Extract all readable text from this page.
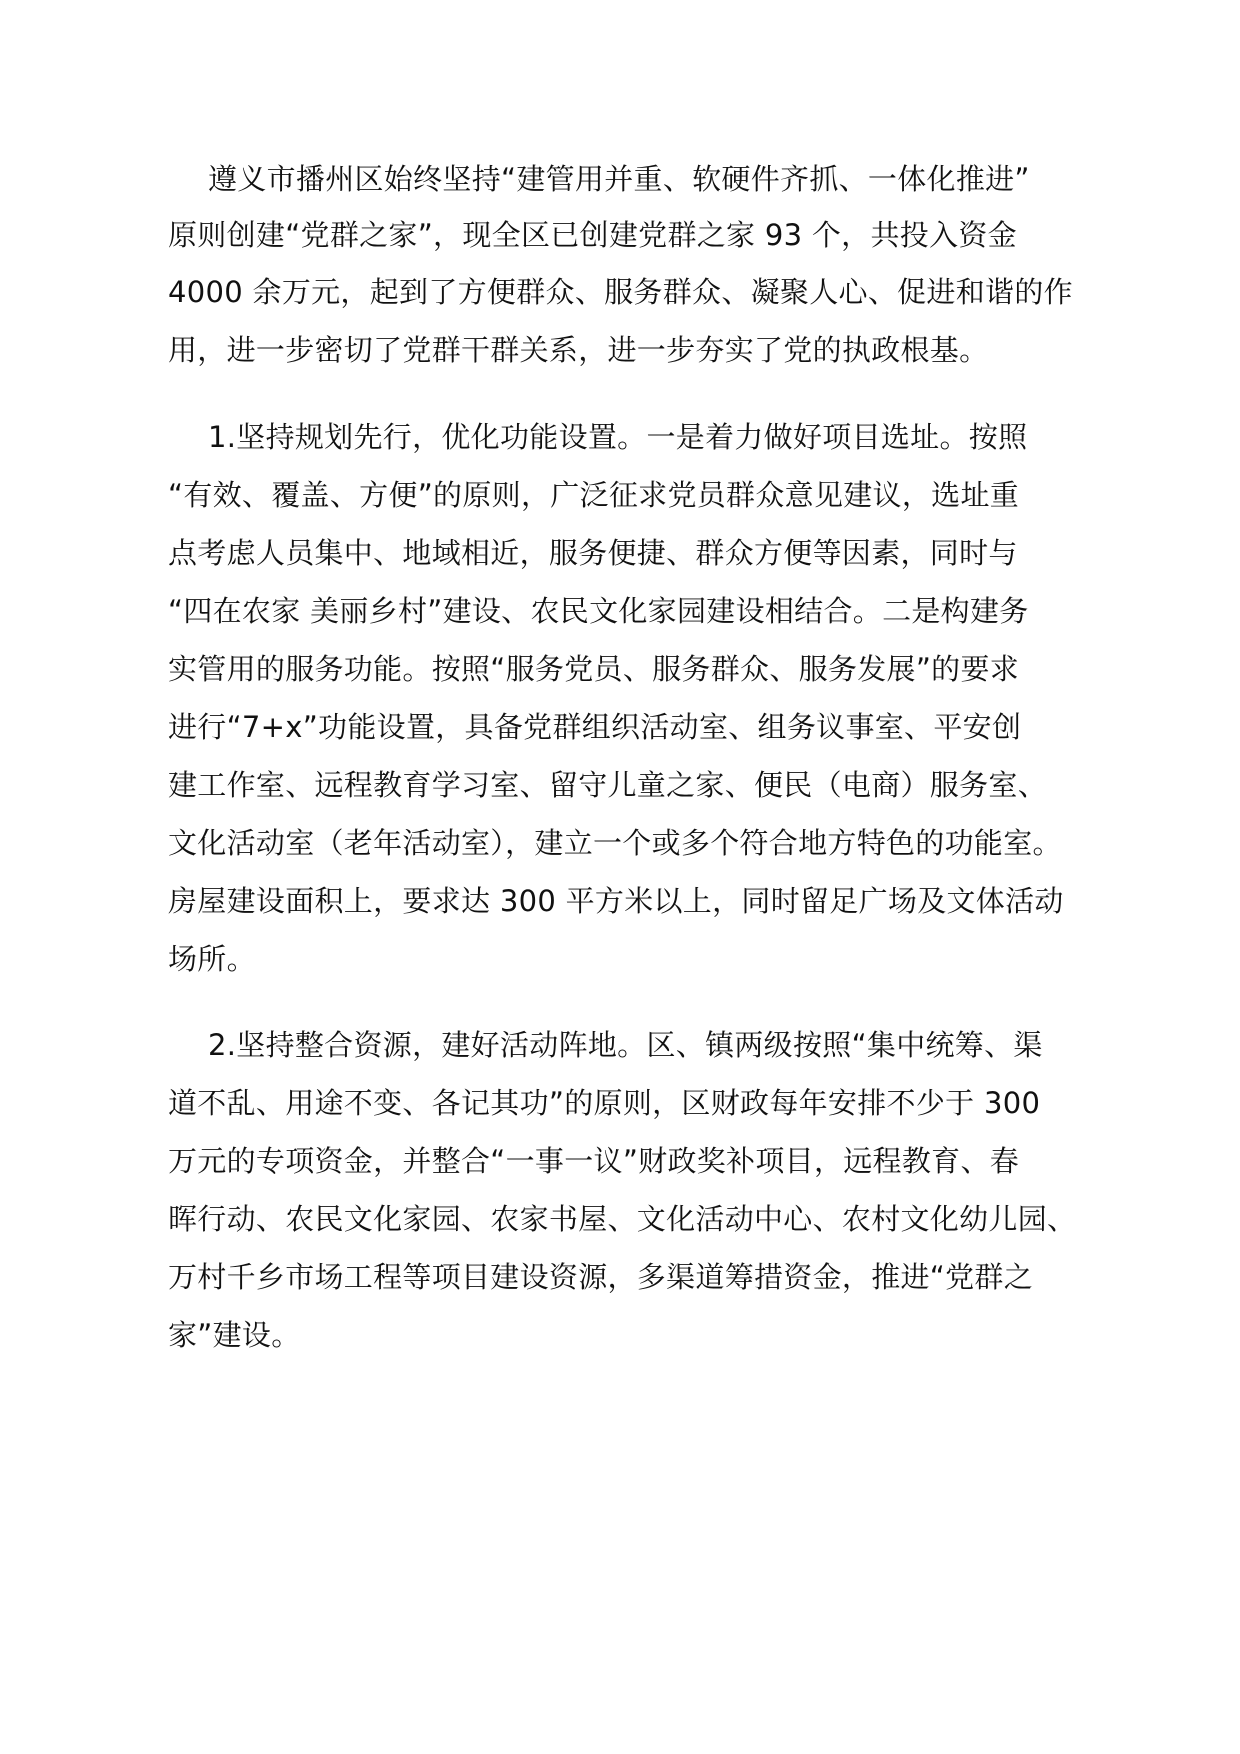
遵义市播州区始终坚持“建管用并重、软硬件齐抓、一体化推进”
原则创建“党群之家”，现全区已创建党群之家 93 个，共投入资金
4000 余万元，起到了方便群众、服务群众、凝聚人心、促进和谐的作
用，进一步密切了党群干群关系，进一步夯实了党的执政根基。
1.坚持规划先行，优化功能设置。一是着力做好项目选址。按照
“有效、覆盖、方便”的原则，广泛征求党员群众意见建议，选址重
点考虑人员集中、地域相近，服务便捷、群众方便等因素，同时与
“四在农家 美丽乡村”建设、农民文化家园建设相结合。二是构建务
实管用的服务功能。按照“服务党员、服务群众、服务发展”的要求
进行“7+x”功能设置，具备党群组织活动室、组务议事室、平安创
建工作室、远程教育学习室、留守儿童之家、便民（电商）服务室、
文化活动室（老年活动室），建立一个或多个符合地方特色的功能室。
房屋建设面积上，要求达 300 平方米以上，同时留足广场及文体活动
场所。
2.坚持整合资源，建好活动阵地。区、镇两级按照“集中统筹、渠
道不乱、用途不变、各记其功”的原则，区财政每年安排不少于 300
万元的专项资金，并整合“一事一议”财政奖补项目，远程教育、春
晖行动、农民文化家园、农家书屋、文化活动中心、农村文化幼儿园、
万村千乡市场工程等项目建设资源，多渠道筹措资金，推进“党群之
家”建设。
